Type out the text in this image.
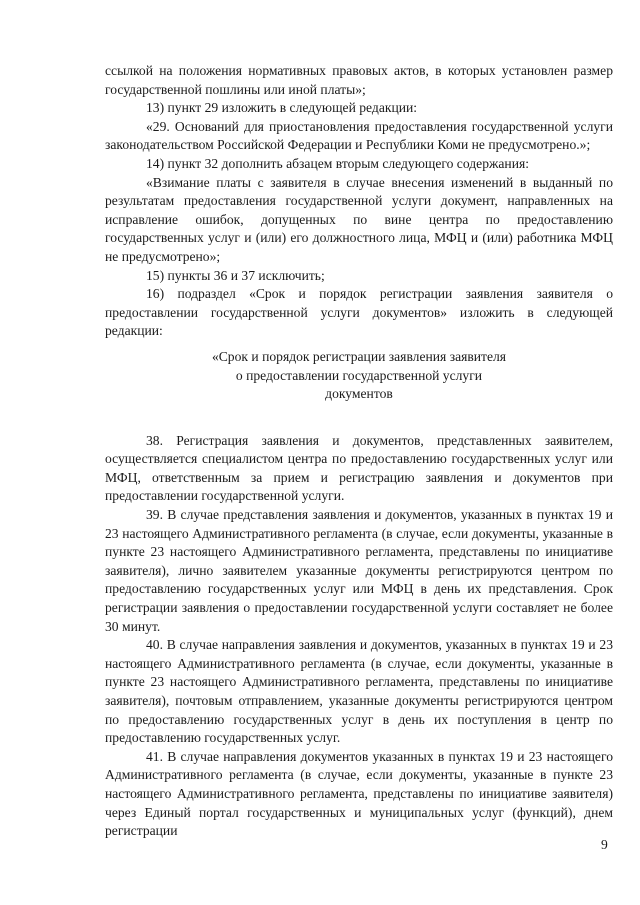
ссылкой на положения нормативных правовых актов, в которых установлен размер государственной пошлины или иной платы»;

13) пункт 29 изложить в следующей редакции:

«29. Оснований для приостановления предоставления государственной услуги законодательством Российской Федерации и Республики Коми не предусмотрено.»;

14) пункт 32 дополнить абзацем вторым следующего содержания:

«Взимание платы с заявителя в случае внесения изменений в выданный по результатам предоставления государственной услуги документ, направленных на исправление ошибок, допущенных по вине центра по предоставлению государственных услуг и (или) его должностного лица, МФЦ и (или) работника МФЦ не предусмотрено»;

15) пункты 36 и 37 исключить;

16) подраздел «Срок и порядок регистрации заявления заявителя о предоставлении государственной услуги документов» изложить в следующей редакции:

«Срок и порядок регистрации заявления заявителя
о предоставлении государственной услуги
документов

38. Регистрация заявления и документов, представленных заявителем, осуществляется специалистом центра по предоставлению государственных услуг или МФЦ, ответственным за прием и регистрацию заявления и документов при предоставлении государственной услуги.

39. В случае представления заявления и документов, указанных в пунктах 19 и 23 настоящего Административного регламента (в случае, если документы, указанные в пункте 23 настоящего Административного регламента, представлены по инициативе заявителя), лично заявителем указанные документы регистрируются центром по предоставлению государственных услуг или МФЦ в день их представления. Срок регистрации заявления о предоставлении государственной услуги составляет не более 30 минут.

40. В случае направления заявления и документов, указанных в пунктах 19 и 23 настоящего Административного регламента (в случае, если документы, указанные в пункте 23 настоящего Административного регламента, представлены по инициативе заявителя), почтовым отправлением, указанные документы регистрируются центром по предоставлению государственных услуг в день их поступления в центр по предоставлению государственных услуг.

41. В случае направления документов указанных в пунктах 19 и 23 настоящего Административного регламента (в случае, если документы, указанные в пункте 23 настоящего Административного регламента, представлены по инициативе заявителя) через Единый портал государственных и муниципальных услуг (функций), днем регистрации

9
